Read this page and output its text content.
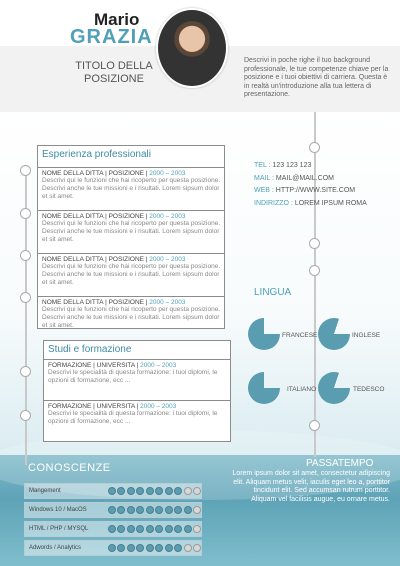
Mario
GRAZIA
TITOLO DELLA POSIZIONE
Descrivi in poche righe il tuo background professionale, le tue competenze chiave per la posizione e i tuoi obiettivi di carriera. Questa è in realtà un'introduzione alla tua lettera di presentazione.
Esperienza professionali
NOME DELLA DITTA | POSIZIONE | 2000 – 2003
Descrivi qui le funzioni che hai ricoperto per questa posizione. Descrivi anche le tue missioni e i risultati. Lorem sipsum dolor et sit amet.
NOME DELLA DITTA | POSIZIONE | 2000 – 2003
Descrivi qui le funzioni che hai ricoperto per questa posizione. Descrivi anche le tue missioni e i risultati. Lorem sipsum dolor et sit amet.
NOME DELLA DITTA | POSIZIONE | 2000 – 2003
Descrivi qui le funzioni che hai ricoperto per questa posizione. Descrivi anche le tue missioni e i risultati. Lorem sipsum dolor et sit amet.
NOME DELLA DITTA | POSIZIONE | 2000 – 2003
Descrivi qui le funzioni che hai ricoperto per questa posizione. Descrivi anche le tue missioni e i risultati. Lorem sipsum dolor et sit amet.
Studi e formazione
FORMAZIONE | UNIVERSITA | 2000 – 2003
Descrivi le specialità di questa formazione: i tuoi diplomi, le opzioni di formazione, ecc ...
FORMAZIONE | UNIVERSITA | 2000 – 2003
Descrivi le specialità di questa formazione: i tuoi diplomi, le opzioni di formazione, ecc ...
TEL : 123 123 123
MAIL : MAIL@MAIL.COM
WEB : HTTP://WWW.SITE.COM
INDIRIZZO : LOREM IPSUM ROMA
LINGUA
FRANCESE	INGLESE
ITALIANO	TEDESCO
CONOSCENZE
Mangement
Windows 10 / MacOS
HTML / PHP / MYSQL
Adwords / Analytics
PASSATEMPO
Lorem ipsum dolor sit amet, consectetur adipiscing elit. Aliquam metus velit, iaculis eget leo a, porttitor tincidunt elit. Sed accumsan rutrum porttitor. Aliquam vel facilisis augue, eu ornare metus.
